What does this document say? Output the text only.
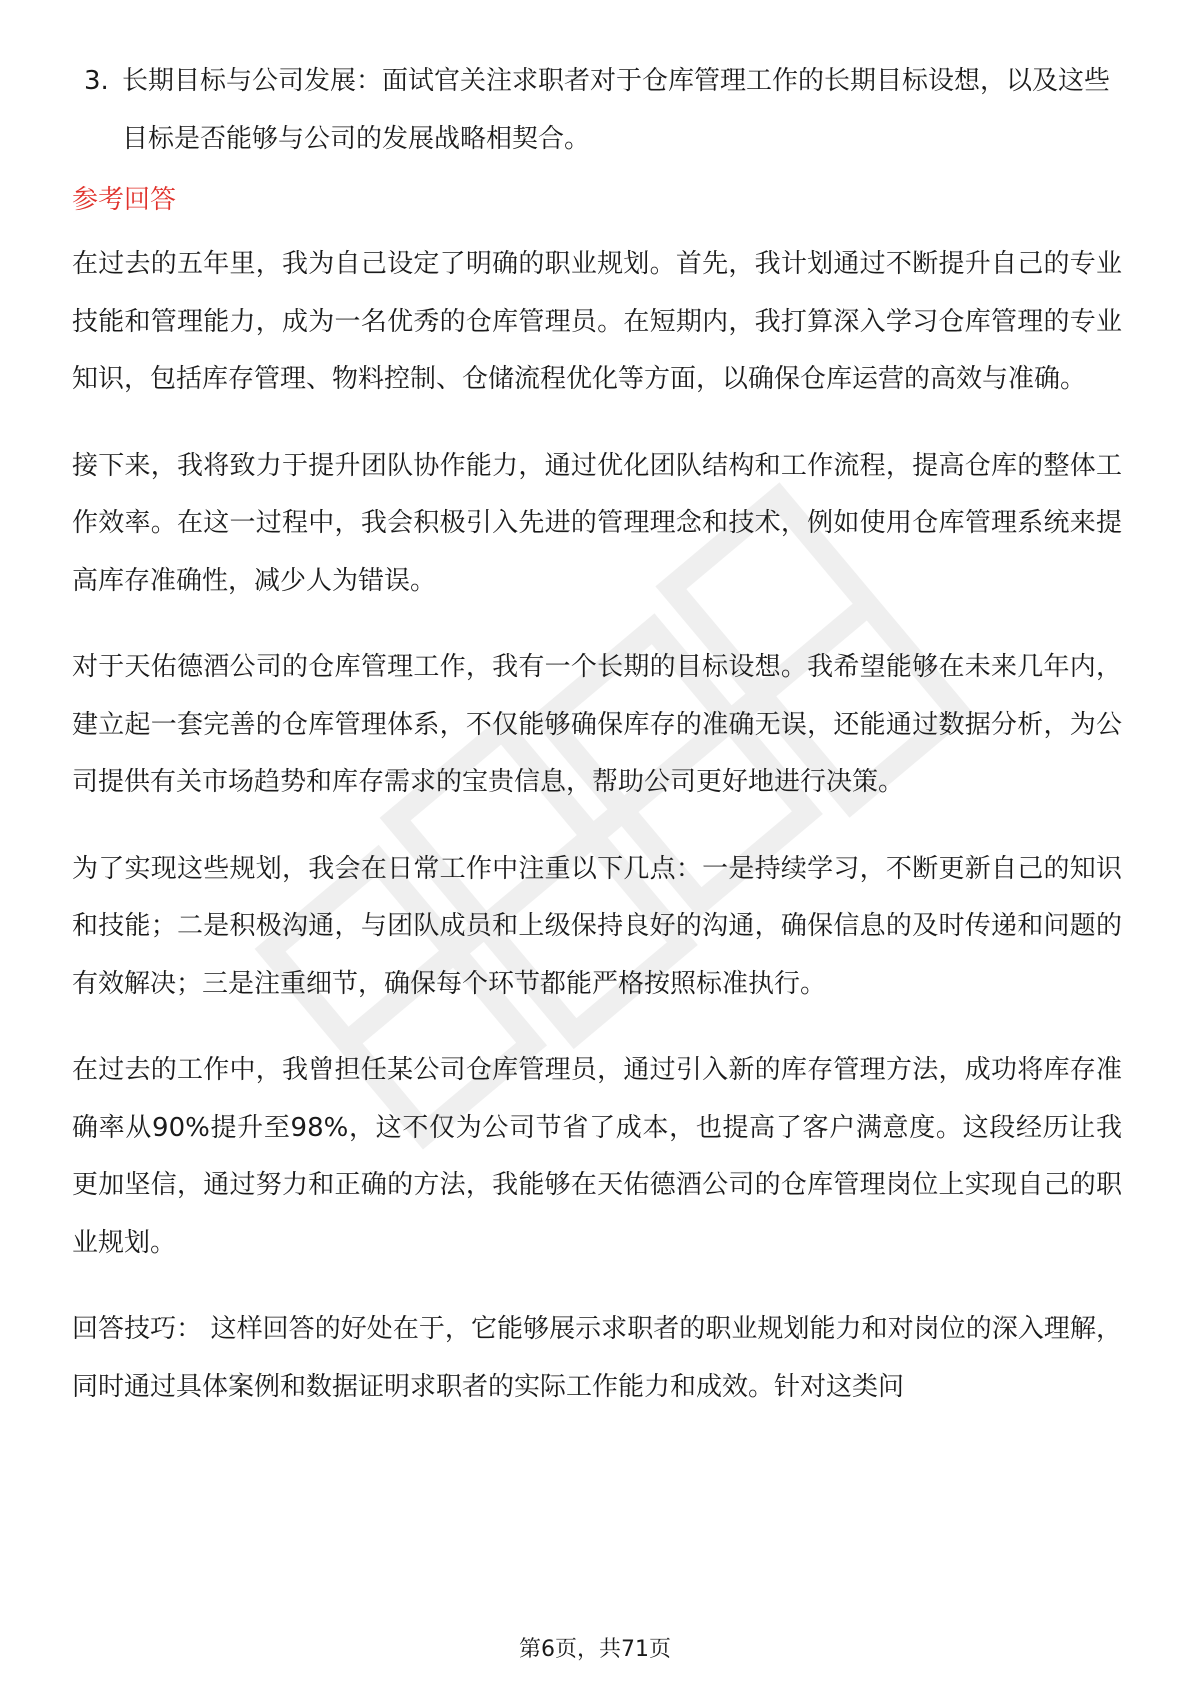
3. 长期目标与公司发展：面试官关注求职者对于仓库管理工作的长期目标设想，以及这些目标是否能够与公司的发展战略相契合。
参考回答

在过去的五年里，我为自己设定了明确的职业规划。首先，我计划通过不断提升自己的专业技能和管理能力，成为一名优秀的仓库管理员。在短期内，我打算深入学习仓库管理的专业知识，包括库存管理、物料控制、仓储流程优化等方面，以确保仓库运营的高效与准确。

接下来，我将致力于提升团队协作能力，通过优化团队结构和工作流程，提高仓库的整体工作效率。在这一过程中，我会积极引入先进的管理理念和技术，例如使用仓库管理系统来提高库存准确性，减少人为错误。

对于天佑德酒公司的仓库管理工作，我有一个长期的目标设想。我希望能够在未来几年内，建立起一套完善的仓库管理体系，不仅能够确保库存的准确无误，还能通过数据分析，为公司提供有关市场趋势和库存需求的宝贵信息，帮助公司更好地进行决策。

为了实现这些规划，我会在日常工作中注重以下几点：一是持续学习，不断更新自己的知识和技能；二是积极沟通，与团队成员和上级保持良好的沟通，确保信息的及时传递和问题的有效解决；三是注重细节，确保每个环节都能严格按照标准执行。

在过去的工作中，我曾担任某公司仓库管理员，通过引入新的库存管理方法，成功将库存准确率从90%提升至98%，这不仅为公司节省了成本，也提高了客户满意度。这段经历让我更加坚信，通过努力和正确的方法，我能够在天佑德酒公司的仓库管理岗位上实现自己的职业规划。

回答技巧： 这样回答的好处在于，它能够展示求职者的职业规划能力和对岗位的深入理解，同时通过具体案例和数据证明求职者的实际工作能力和成效。针对这类问

第6页，共71页
